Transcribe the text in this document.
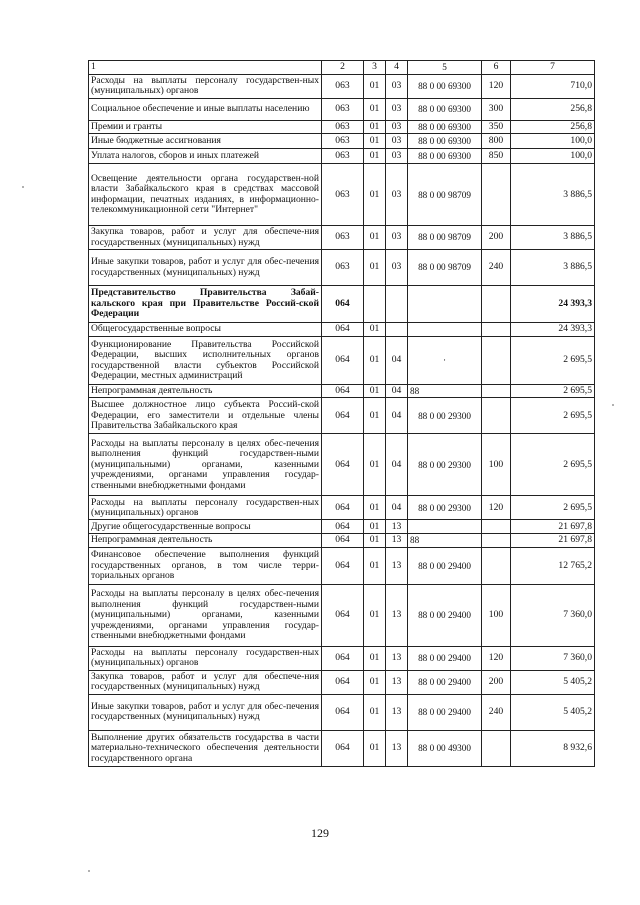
1	2	3	4	5	6	7
Расходы на выплаты персоналу государствен-ных (муниципальных) органов	063	01	03	88 0 00 69300	120	710,0
Социальное обеспечение и иные выплаты населению	063	01	03	88 0 00 69300	300	256,8
Премии и гранты	063	01	03	88 0 00 69300	350	256,8
Иные бюджетные ассигнования	063	01	03	88 0 00 69300	800	100,0
Уплата налогов, сборов и иных платежей	063	01	03	88 0 00 69300	850	100,0
Освещение деятельности органа государствен-ной власти Забайкальского края в средствах массовой информации, печатных изданиях, в информационно-телекоммуникационной сети "Интернет"	063	01	03	88 0 00 98709		3 886,5
Закупка товаров, работ и услуг для обеспече-ния государственных (муниципальных) нужд	063	01	03	88 0 00 98709	200	3 886,5
Иные закупки товаров, работ и услуг для обес-печения государственных (муниципальных) нужд	063	01	03	88 0 00 98709	240	3 886,5
Представительство Правительства Забай-кальского края при Правительстве Россий-ской Федерации	064					24 393,3
Общегосударственные вопросы	064	01				24 393,3
Функционирование Правительства Российской Федерации, высших исполнительных органов государственной власти субъектов Российской Федерации, местных администраций	064	01	04	·		2 695,5
Непрограммная деятельность	064	01	04	88		2 695,5
Высшее должностное лицо субъекта Россий-ской Федерации, его заместители и отдельные члены Правительства Забайкальского края	064	01	04	88 0 00 29300		2 695,5
Расходы на выплаты персоналу в целях обес-печения выполнения функций государствен-ными (муниципальными) органами, казенными учреждениями, органами управления государ-ственными внебюджетными фондами	064	01	04	88 0 00 29300	100	2 695,5
Расходы на выплаты персоналу государствен-ных (муниципальных) органов	064	01	04	88 0 00 29300	120	2 695,5
Другие общегосударственные вопросы	064	01	13			21 697,8
Непрограммная деятельность	064	01	13	88		21 697,8
Финансовое обеспечение выполнения функций государственных органов, в том числе терри-ториальных органов	064	01	13	88 0 00 29400		12 765,2
Расходы на выплаты персоналу в целях обес-печения выполнения функций государствен-ными (муниципальными) органами, казенными учреждениями, органами управления государ-ственными внебюджетными фондами	064	01	13	88 0 00 29400	100	7 360,0
Расходы на выплаты персоналу государствен-ных (муниципальных) органов	064	01	13	88 0 00 29400	120	7 360,0
Закупка товаров, работ и услуг для обеспече-ния государственных (муниципальных) нужд	064	01	13	88 0 00 29400	200	5 405,2
Иные закупки товаров, работ и услуг для обес-печения государственных (муниципальных) нужд	064	01	13	88 0 00 29400	240	5 405,2
Выполнение других обязательств государства в части материально-технического обеспечения деятельности государственного органа	064	01	13	88 0 00 49300		8 932,6
129
